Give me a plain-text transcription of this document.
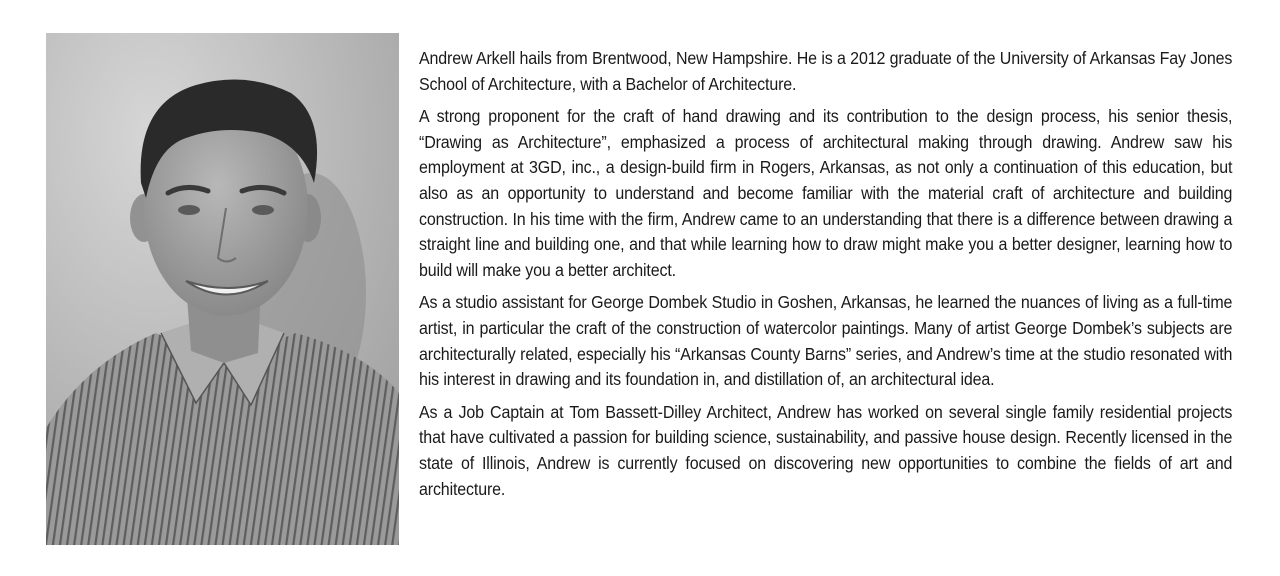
Andrew Arkell hails from Brentwood, New Hampshire. He is a 2012 graduate of the University of Arkansas Fay Jones School of Architecture, with a Bachelor of Architecture.

A strong proponent for the craft of hand drawing and its contribution to the design process, his senior thesis, “Drawing as Architecture”, emphasized a process of architectural making through drawing. Andrew saw his employment at 3GD, inc., a design-build firm in Rogers, Arkansas, as not only a continuation of this education, but also as an opportunity to understand and become familiar with the material craft of architecture and building construction. In his time with the firm, Andrew came to an understanding that there is a difference between drawing a straight line and building one, and that while learning how to draw might make you a better designer, learning how to build will make you a better architect.

As a studio assistant for George Dombek Studio in Goshen, Arkansas, he learned the nuances of living as a full-time artist, in particular the craft of the construction of watercolor paintings. Many of artist George Dombek’s subjects are architecturally related, especially his “Arkansas County Barns” series, and Andrew’s time at the studio resonated with his interest in drawing and its foundation in, and distillation of, an architectural idea.

As a Job Captain at Tom Bassett-Dilley Architect, Andrew has worked on several single family residential projects that have cultivated a passion for building science, sustainability, and passive house design. Recently licensed in the state of Illinois, Andrew is currently focused on discovering new opportunities to combine the fields of art and architecture.
